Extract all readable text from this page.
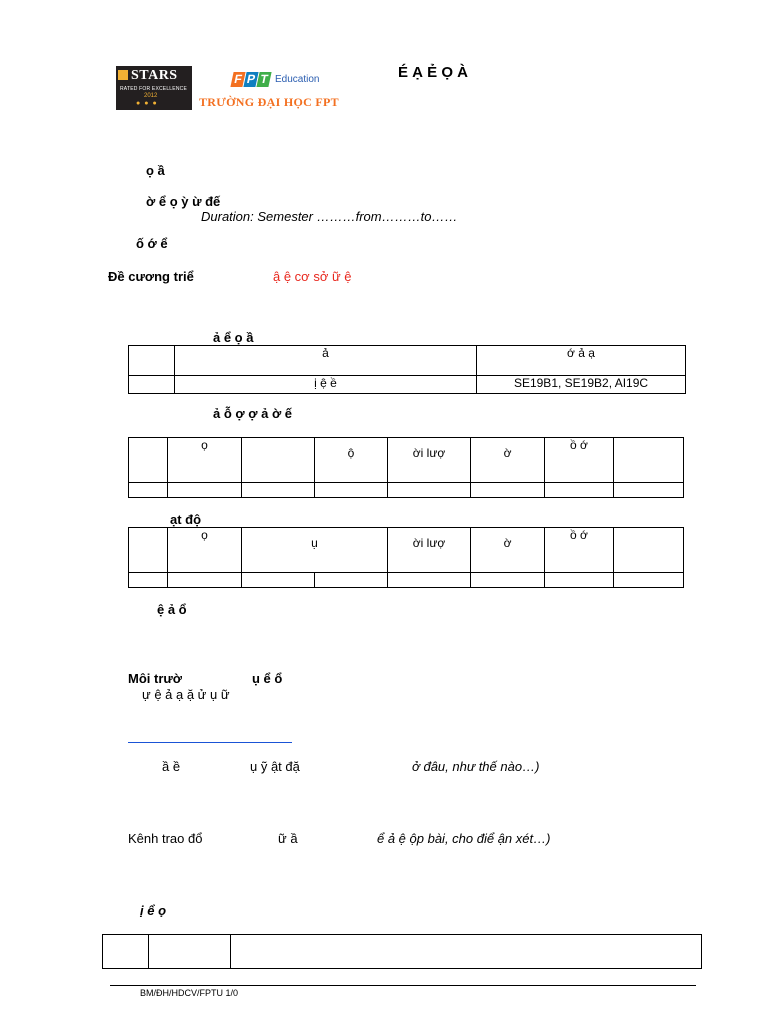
STARS
RATED FOR EXCELLENCE
2012
●●●
F P T Education
TRƯỜNG ĐẠI HỌC FPT
É Ạ Ẻ Ọ À
ọ ầ
ờ ể ọ ỳ ừ đế
Duration: Semester ………from………to……
ố ớ ể
Đề cương triể	ậ ệ cơ sở ữ ệ
ả ể ọ ầ
	ả	ớ ả ạ
	ị ệ ề	SE19B1, SE19B2, AI19C
ả ỗ ợ ợ ả ờ ế
	ọ		ộ	ời lượ	ờ	ồ ớ	

ạt độ
	ọ	ụ		ời lượ	ờ	ồ ớ	

ệ ả ổ
Môi trườ	ụ ể ổ
ự ệ ả ạ ặ ử ụ ữ
ầ ề	ụ ỹ ật đặ	ở đâu, như thế nào…)
Kênh trao đổ	ữ ầ	ể ả ệ ộp bài, cho điể ận xét…)
ị ể ọ

BM/ĐH/HDCV/FPTU 1/0
